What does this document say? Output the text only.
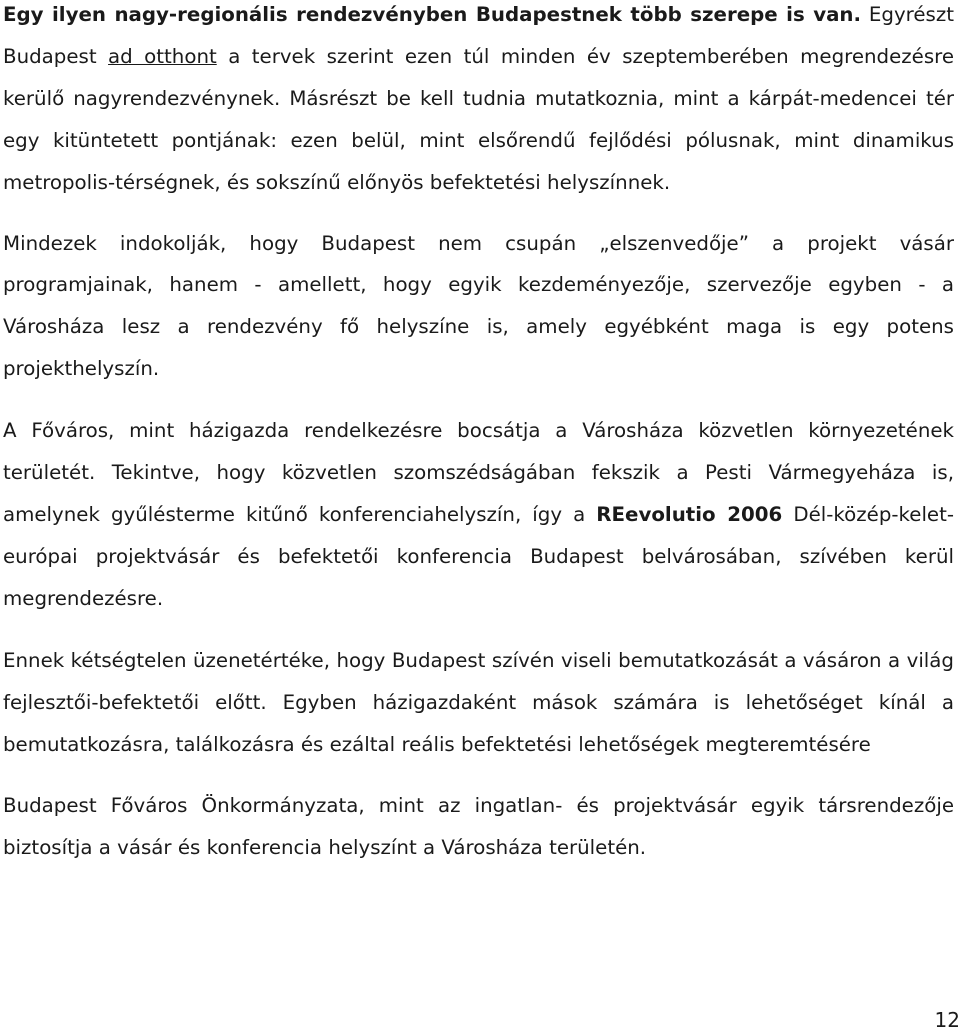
Egy ilyen nagy-regionális rendezvényben Budapestnek több szerepe is van. Egyrészt Budapest ad otthont a tervek szerint ezen túl minden év szeptemberében megrendezésre kerülő nagyrendezvénynek. Másrészt be kell tudnia mutatkoznia, mint a kárpát-medencei tér egy kitüntetett pontjának: ezen belül, mint elsőrendű fejlődési pólusnak, mint dinamikus metropolis-térségnek, és sokszínű előnyös befektetési helyszínnek.

Mindezek indokolják, hogy Budapest nem csupán „elszenvedője” a projekt vásár programjainak, hanem - amellett, hogy egyik kezdeményezője, szervezője egyben - a Városháza lesz a rendezvény fő helyszíne is, amely egyébként maga is egy potens projekthelyszín.

A Főváros, mint házigazda rendelkezésre bocsátja a Városháza közvetlen környezetének területét. Tekintve, hogy közvetlen szomszédságában fekszik a Pesti Vármegyeháza is, amelynek gyűlésterme kitűnő konferenciahelyszín, így a REevolutio 2006 Dél-közép-kelet-európai projektvásár és befektetői konferencia Budapest belvárosában, szívében kerül megrendezésre.

Ennek kétségtelen üzenetértéke, hogy Budapest szívén viseli bemutatkozását a vásáron a világ fejlesztői-befektetői előtt. Egyben házigazdaként mások számára is lehetőséget kínál a bemutatkozásra, találkozásra és ezáltal reális befektetési lehetőségek megteremtésére

Budapest Főváros Önkormányzata, mint az ingatlan- és projektvásár egyik társrendezője biztosítja a vásár és konferencia helyszínt a Városháza területén.

12
